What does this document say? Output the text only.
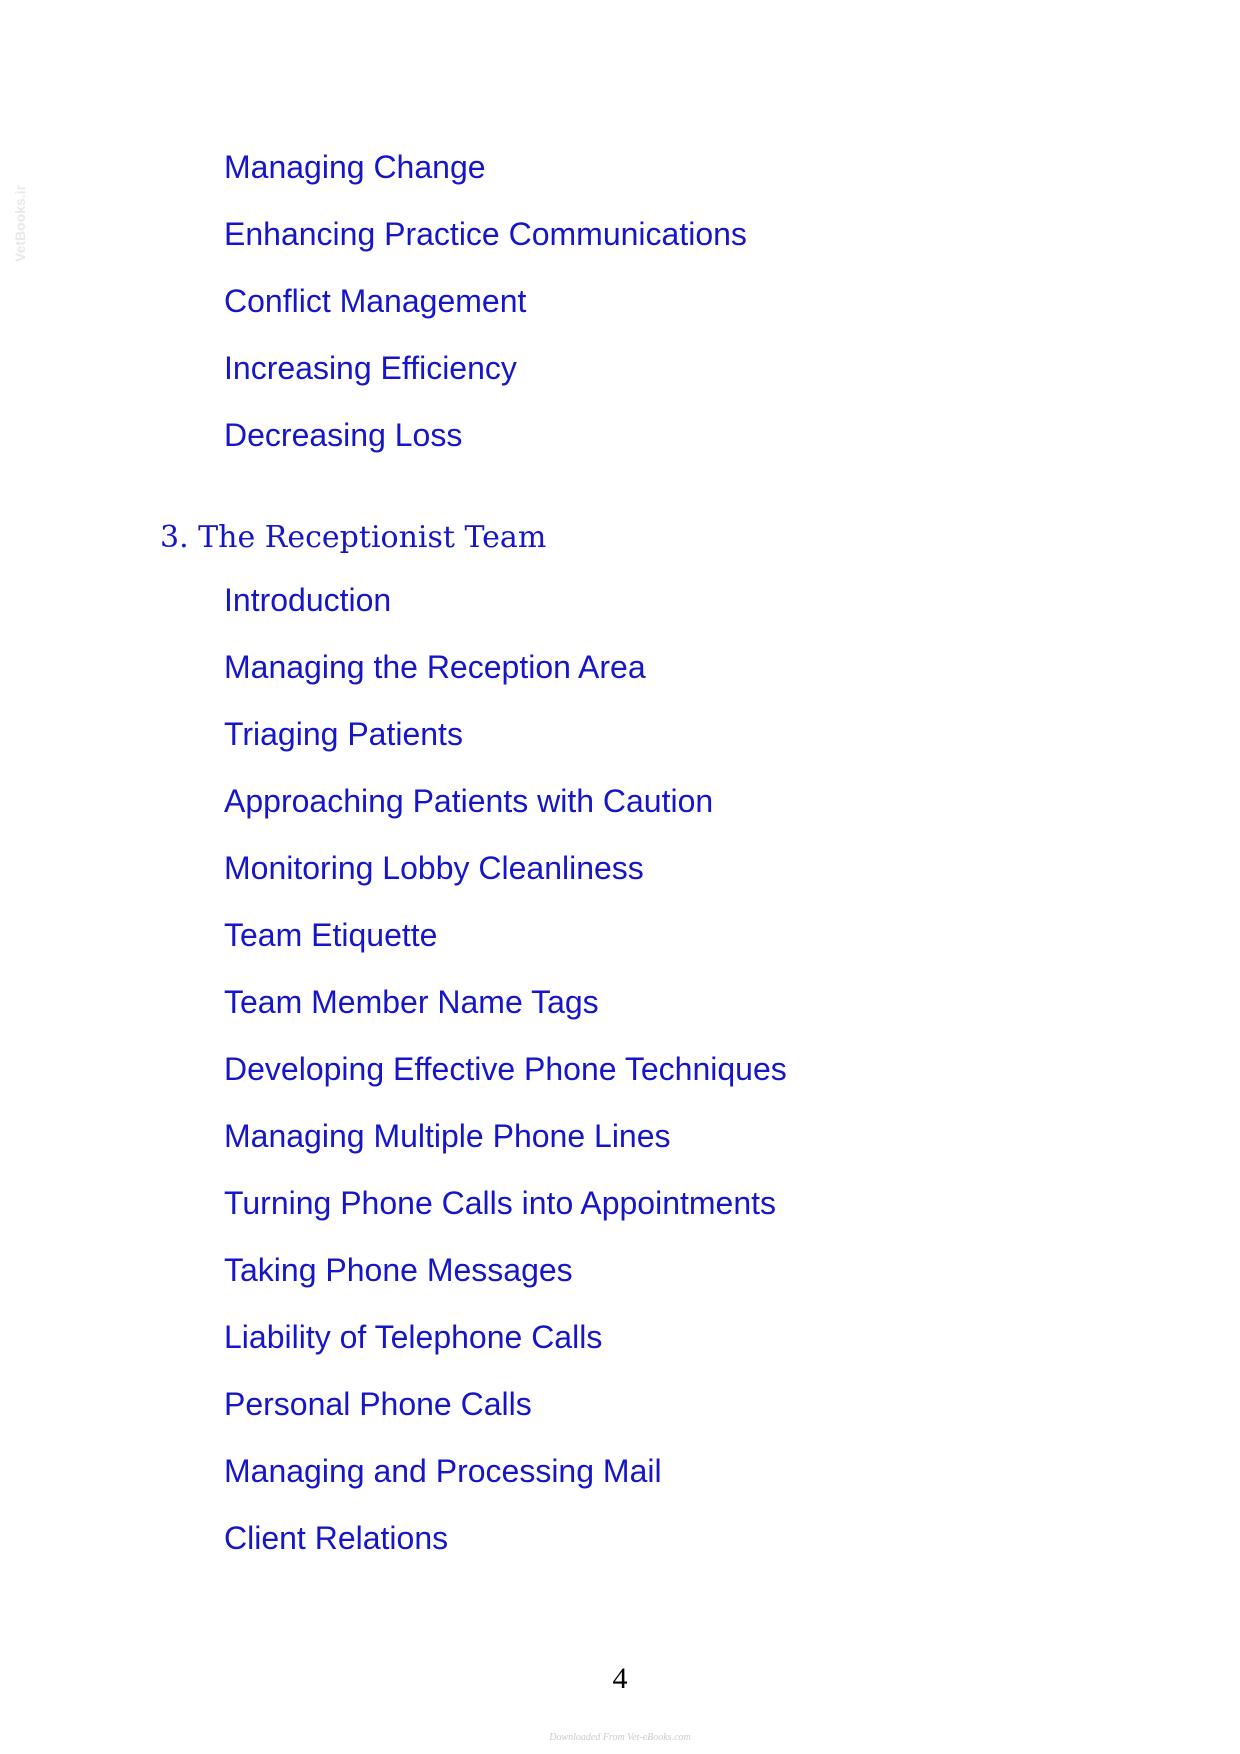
VetBooks.ir
Managing Change
Enhancing Practice Communications
Conflict Management
Increasing Efficiency
Decreasing Loss
3. The Receptionist Team
Introduction
Managing the Reception Area
Triaging Patients
Approaching Patients with Caution
Monitoring Lobby Cleanliness
Team Etiquette
Team Member Name Tags
Developing Effective Phone Techniques
Managing Multiple Phone Lines
Turning Phone Calls into Appointments
Taking Phone Messages
Liability of Telephone Calls
Personal Phone Calls
Managing and Processing Mail
Client Relations
4
Downloaded From Vet-eBooks.com
